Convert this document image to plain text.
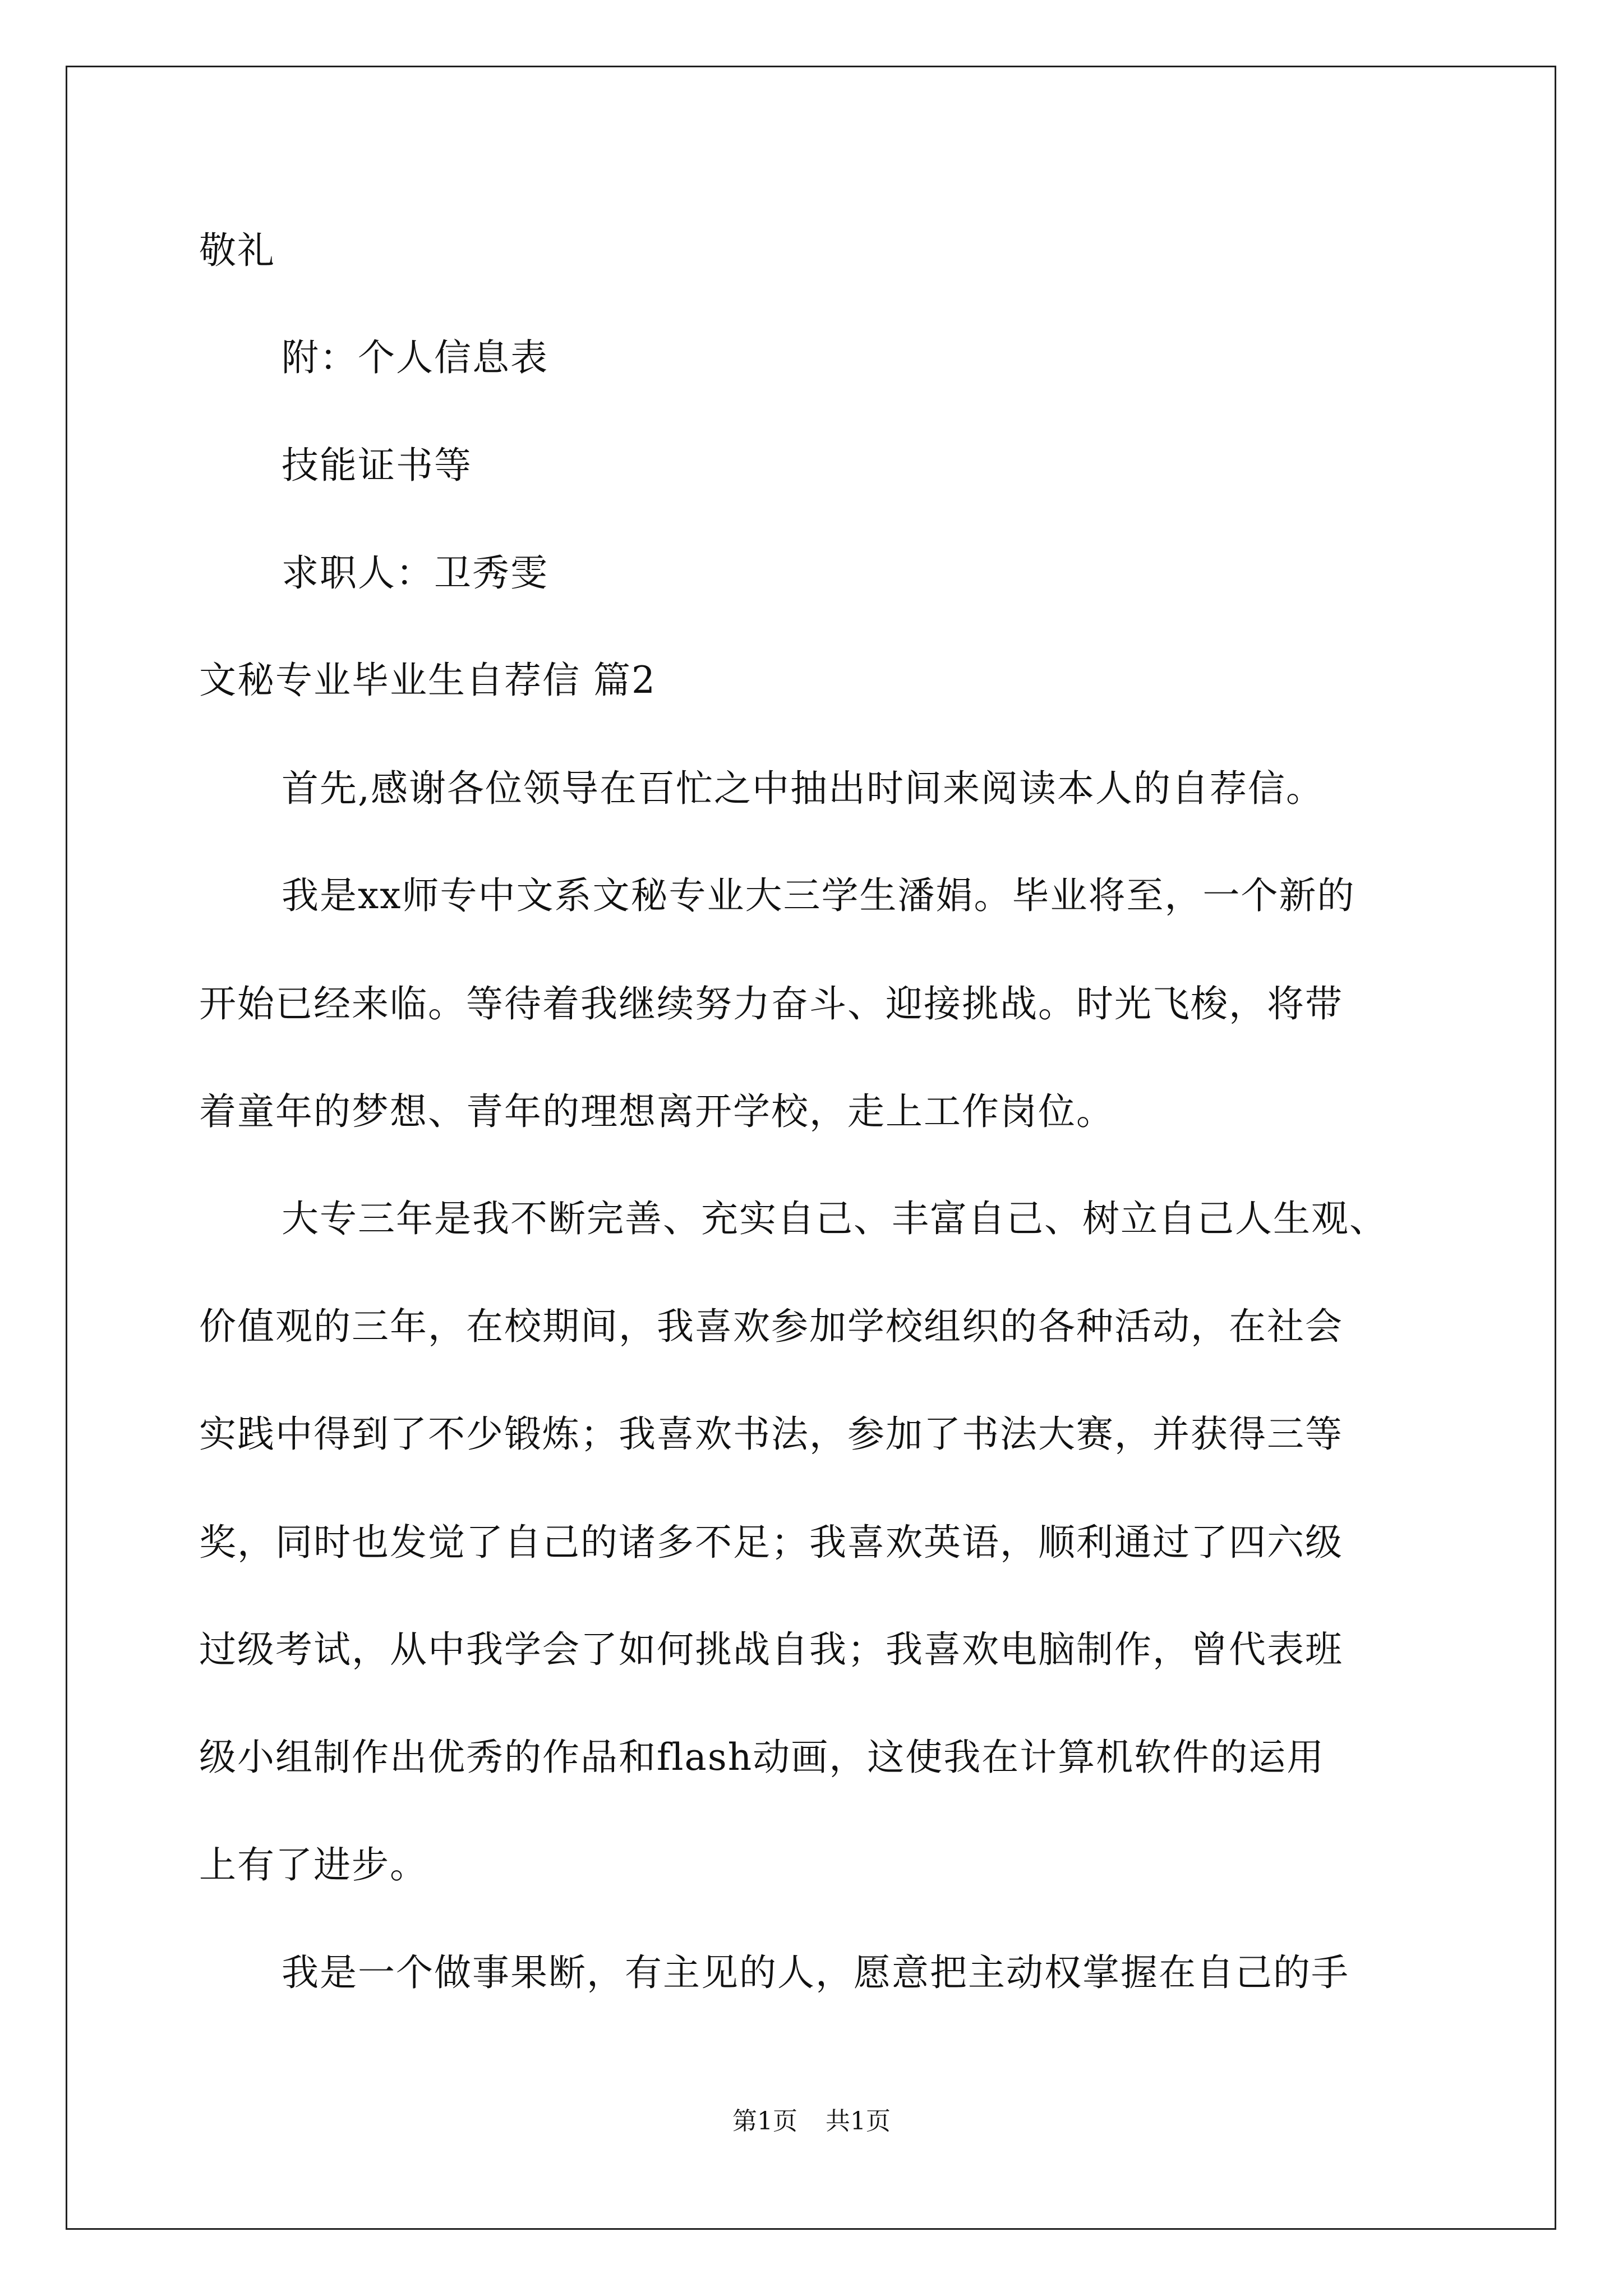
敬礼
附：个人信息表
技能证书等
求职人：卫秀雯
文秘专业毕业生自荐信 篇2
首先,感谢各位领导在百忙之中抽出时间来阅读本人的自荐信。
我是xx师专中文系文秘专业大三学生潘娟。毕业将至，一个新的
开始已经来临。等待着我继续努力奋斗、迎接挑战。时光飞梭，将带
着童年的梦想、青年的理想离开学校，走上工作岗位。
大专三年是我不断完善、充实自己、丰富自己、树立自己人生观、
价值观的三年，在校期间，我喜欢参加学校组织的各种活动，在社会
实践中得到了不少锻炼；我喜欢书法，参加了书法大赛，并获得三等
奖，同时也发觉了自己的诸多不足；我喜欢英语，顺利通过了四六级
过级考试，从中我学会了如何挑战自我；我喜欢电脑制作，曾代表班
级小组制作出优秀的作品和flash动画，这使我在计算机软件的运用
上有了进步。
我是一个做事果断，有主见的人，愿意把主动权掌握在自己的手
第1页 共1页
